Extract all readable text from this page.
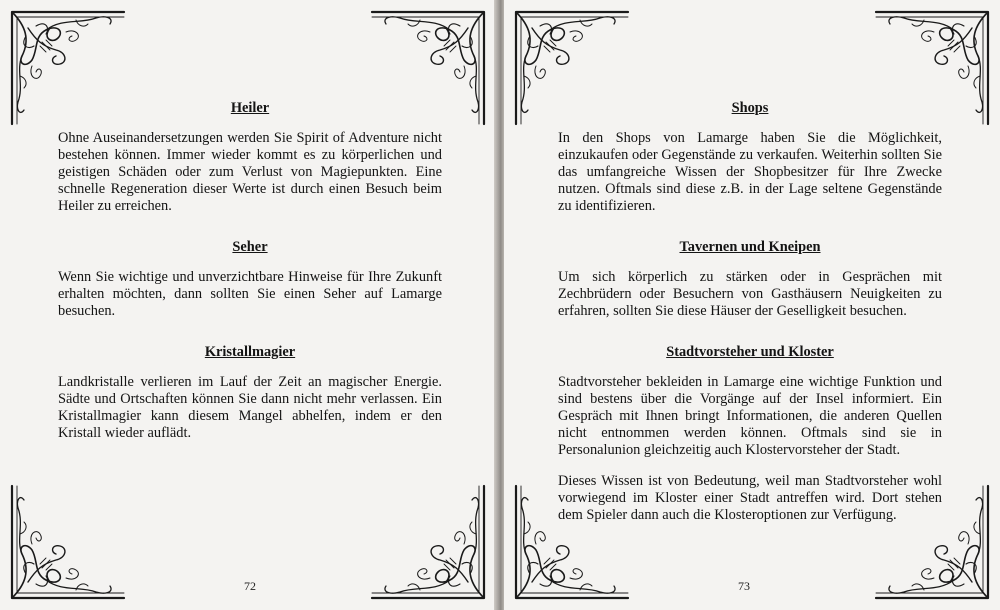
Heiler

Ohne Auseinandersetzungen werden Sie Spirit of Adventure nicht bestehen können. Immer wieder kommt es zu körperlichen und geistigen Schäden oder zum Verlust von Magiepunkten. Eine schnelle Regeneration dieser Werte ist durch einen Besuch beim Heiler zu erreichen.

Seher

Wenn Sie wichtige und unverzichtbare Hinweise für Ihre Zukunft erhalten möchten, dann sollten Sie einen Seher auf Lamarge besuchen.

Kristallmagier

Landkristalle verlieren im Lauf der Zeit an magischer Energie. Sädte und Ortschaften können Sie dann nicht mehr verlassen. Ein Kristallmagier kann diesem Mangel abhelfen, indem er den Kristall wieder auflädt.

72
Shops

In den Shops von Lamarge haben Sie die Möglichkeit, einzukaufen oder Gegenstände zu verkaufen. Weiterhin sollten Sie das umfangreiche Wissen der Shopbesitzer für Ihre Zwecke nutzen. Oftmals sind diese z.B. in der Lage seltene Gegenstände zu identifizieren.

Tavernen und Kneipen

Um sich körperlich zu stärken oder in Gesprächen mit Zechbrüdern oder Besuchern von Gasthäusern Neuigkeiten zu erfahren, sollten Sie diese Häuser der Geselligkeit besuchen.

Stadtvorsteher und Kloster

Stadtvorsteher bekleiden in Lamarge eine wichtige Funktion und sind bestens über die Vorgänge auf der Insel informiert. Ein Gespräch mit Ihnen bringt Informationen, die anderen Quellen nicht entnommen werden können. Oftmals sind sie in Personalunion gleichzeitig auch Klostervorsteher der Stadt.

Dieses Wissen ist von Bedeutung, weil man Stadtvorsteher wohl vorwiegend im Kloster einer Stadt antreffen wird. Dort stehen dem Spieler dann auch die Klosteroptionen zur Verfügung.

73
